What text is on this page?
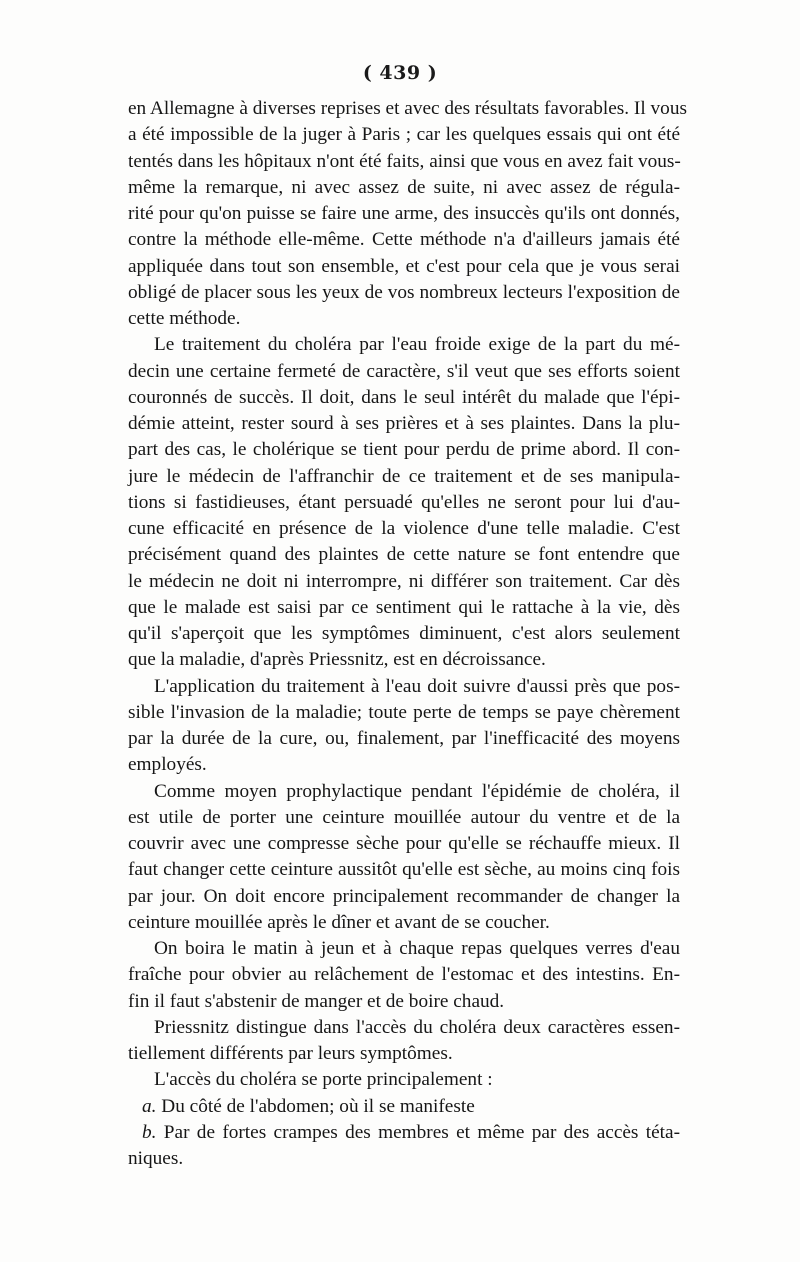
( 439 )
en Allemagne à diverses reprises et avec des résultats favorables. Il vous
a été impossible de la juger à Paris ; car les quelques essais qui ont été
tentés dans les hôpitaux n'ont été faits, ainsi que vous en avez fait vous-
même la remarque, ni avec assez de suite, ni avec assez de régula-
rité pour qu'on puisse se faire une arme, des insuccès qu'ils ont donnés,
contre la méthode elle-même. Cette méthode n'a d'ailleurs jamais été
appliquée dans tout son ensemble, et c'est pour cela que je vous serai
obligé de placer sous les yeux de vos nombreux lecteurs l'exposition de
cette méthode.
Le traitement du choléra par l'eau froide exige de la part du mé-
decin une certaine fermeté de caractère, s'il veut que ses efforts soient
couronnés de succès. Il doit, dans le seul intérêt du malade que l'épi-
démie atteint, rester sourd à ses prières et à ses plaintes. Dans la plu-
part des cas, le cholérique se tient pour perdu de prime abord. Il con-
jure le médecin de l'affranchir de ce traitement et de ses manipula-
tions si fastidieuses, étant persuadé qu'elles ne seront pour lui d'au-
cune efficacité en présence de la violence d'une telle maladie. C'est
précisément quand des plaintes de cette nature se font entendre que
le médecin ne doit ni interrompre, ni différer son traitement. Car dès
que le malade est saisi par ce sentiment qui le rattache à la vie, dès
qu'il s'aperçoit que les symptômes diminuent, c'est alors seulement
que la maladie, d'après Priessnitz, est en décroissance.
L'application du traitement à l'eau doit suivre d'aussi près que pos-
sible l'invasion de la maladie; toute perte de temps se paye chèrement
par la durée de la cure, ou, finalement, par l'inefficacité des moyens
employés.
Comme moyen prophylactique pendant l'épidémie de choléra, il
est utile de porter une ceinture mouillée autour du ventre et de la
couvrir avec une compresse sèche pour qu'elle se réchauffe mieux. Il
faut changer cette ceinture aussitôt qu'elle est sèche, au moins cinq fois
par jour. On doit encore principalement recommander de changer la
ceinture mouillée après le dîner et avant de se coucher.
On boira le matin à jeun et à chaque repas quelques verres d'eau
fraîche pour obvier au relâchement de l'estomac et des intestins. En-
fin il faut s'abstenir de manger et de boire chaud.
Priessnitz distingue dans l'accès du choléra deux caractères essen-
tiellement différents par leurs symptômes.
L'accès du choléra se porte principalement :
a. Du côté de l'abdomen; où il se manifeste
b. Par de fortes crampes des membres et même par des accès téta-
niques.
